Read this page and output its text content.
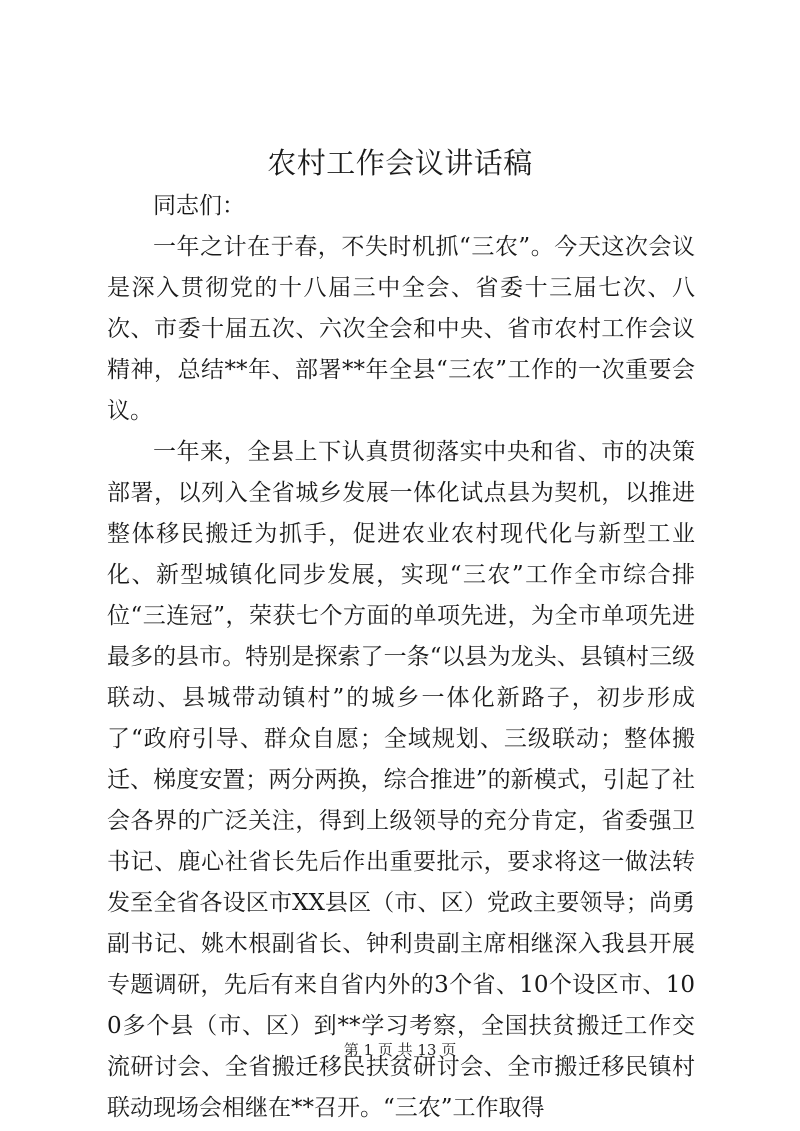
农村工作会议讲话稿

同志们：

一年之计在于春，不失时机抓“三农”。今天这次会议是深入贯彻党的十八届三中全会、省委十三届七次、八次、市委十届五次、六次全会和中央、省市农村工作会议精神，总结**年、部署**年全县“三农”工作的一次重要会议。

一年来，全县上下认真贯彻落实中央和省、市的决策部署，以列入全省城乡发展一体化试点县为契机，以推进整体移民搬迁为抓手，促进农业农村现代化与新型工业化、新型城镇化同步发展，实现“三农”工作全市综合排位“三连冠”，荣获七个方面的单项先进，为全市单项先进最多的县市。特别是探索了一条“以县为龙头、县镇村三级联动、县城带动镇村”的城乡一体化新路子，初步形成了“政府引导、群众自愿；全域规划、三级联动；整体搬迁、梯度安置；两分两换，综合推进”的新模式，引起了社会各界的广泛关注，得到上级领导的充分肯定，省委强卫书记、鹿心社省长先后作出重要批示，要求将这一做法转发至全省各设区市XX县区（市、区）党政主要领导；尚勇副书记、姚木根副省长、钟利贵副主席相继深入我县开展专题调研，先后有来自省内外的3个省、10个设区市、100多个县（市、区）到**学习考察，全国扶贫搬迁工作交流研讨会、全省搬迁移民扶贫研讨会、全市搬迁移民镇村联动现场会相继在**召开。“三农”工作取得

第 1 页 共 13 页
